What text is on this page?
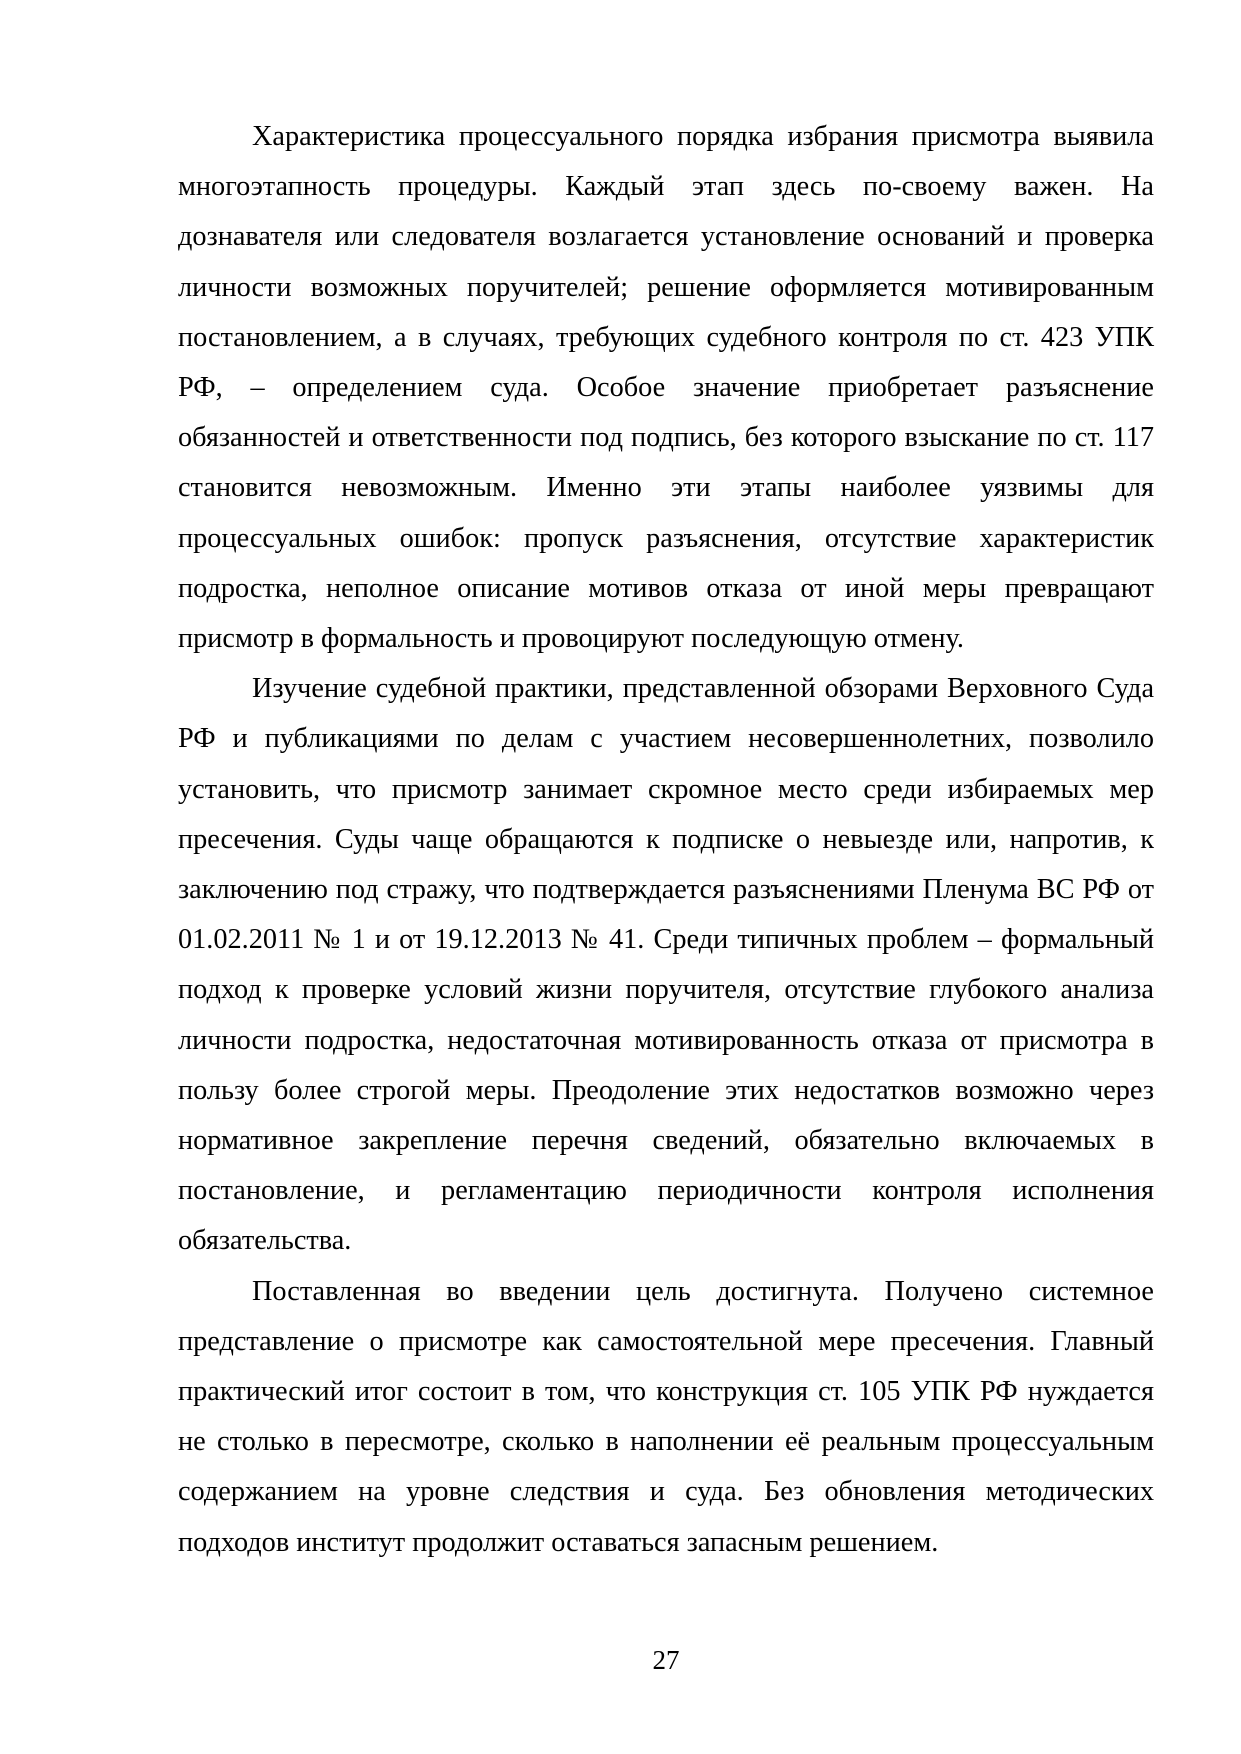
Характеристика процессуального порядка избрания присмотра выявила многоэтапность процедуры. Каждый этап здесь по-своему важен. На дознавателя или следователя возлагается установление оснований и проверка личности возможных поручителей; решение оформляется мотивированным постановлением, а в случаях, требующих судебного контроля по ст. 423 УПК РФ, – определением суда. Особое значение приобретает разъяснение обязанностей и ответственности под подпись, без которого взыскание по ст. 117 становится невозможным. Именно эти этапы наиболее уязвимы для процессуальных ошибок: пропуск разъяснения, отсутствие характеристик подростка, неполное описание мотивов отказа от иной меры превращают присмотр в формальность и провоцируют последующую отмену.

Изучение судебной практики, представленной обзорами Верховного Суда РФ и публикациями по делам с участием несовершеннолетних, позволило установить, что присмотр занимает скромное место среди избираемых мер пресечения. Суды чаще обращаются к подписке о невыезде или, напротив, к заключению под стражу, что подтверждается разъяснениями Пленума ВС РФ от 01.02.2011 № 1 и от 19.12.2013 № 41. Среди типичных проблем – формальный подход к проверке условий жизни поручителя, отсутствие глубокого анализа личности подростка, недостаточная мотивированность отказа от присмотра в пользу более строгой меры. Преодоление этих недостатков возможно через нормативное закрепление перечня сведений, обязательно включаемых в постановление, и регламентацию периодичности контроля исполнения обязательства.

Поставленная во введении цель достигнута. Получено системное представление о присмотре как самостоятельной мере пресечения. Главный практический итог состоит в том, что конструкция ст. 105 УПК РФ нуждается не столько в пересмотре, сколько в наполнении её реальным процессуальным содержанием на уровне следствия и суда. Без обновления методических подходов институт продолжит оставаться запасным решением.

27
